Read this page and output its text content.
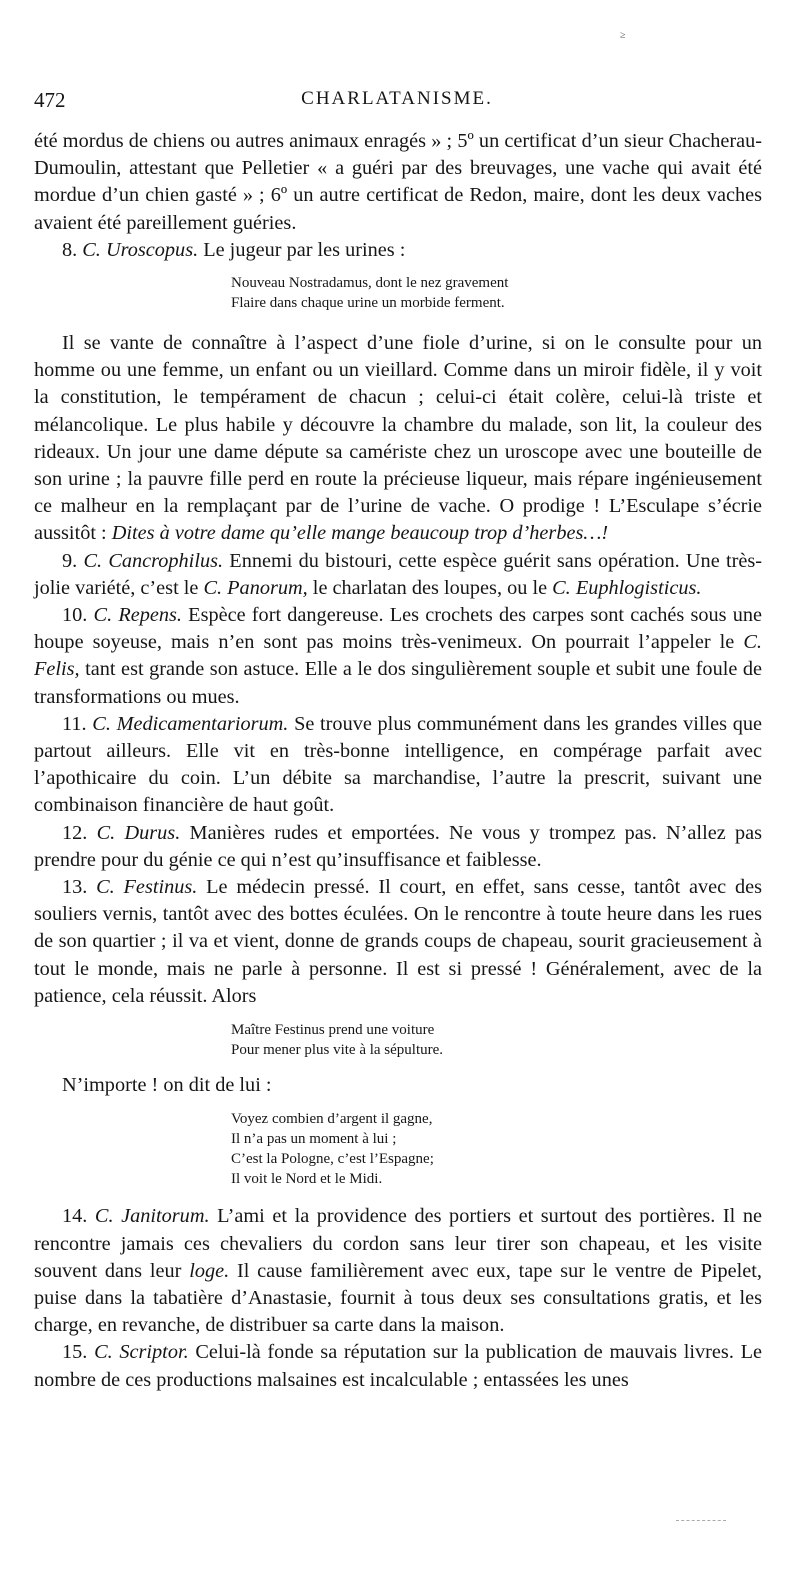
≥
472	CHARLATANISME.

été mordus de chiens ou autres animaux enragés » ; 5º un certificat d’un sieur Chacherau-Dumoulin, attestant que Pelletier « a guéri par des breuvages, une vache qui avait été mordue d’un chien gasté » ; 6º un autre certificat de Redon, maire, dont les deux vaches avaient été pareillement guéries.

8. C. Uroscopus. Le jugeur par les urines :

Nouveau Nostradamus, dont le nez gravement
Flaire dans chaque urine un morbide ferment.

Il se vante de connaître à l’aspect d’une fiole d’urine, si on le consulte pour un homme ou une femme, un enfant ou un vieillard. Comme dans un miroir fidèle, il y voit la constitution, le tempérament de chacun ; celui-ci était colère, celui-là triste et mélancolique. Le plus habile y découvre la chambre du malade, son lit, la couleur des rideaux. Un jour une dame députe sa camériste chez un uroscope avec une bouteille de son urine ; la pauvre fille perd en route la précieuse liqueur, mais répare ingénieusement ce malheur en la remplaçant par de l’urine de vache. O prodige ! L’Esculape s’écrie aussitôt : Dites à votre dame qu’elle mange beaucoup trop d’herbes…!

9. C. Cancrophilus. Ennemi du bistouri, cette espèce guérit sans opération. Une très-jolie variété, c’est le C. Panorum, le charlatan des loupes, ou le C. Euphlogisticus.

10. C. Repens. Espèce fort dangereuse. Les crochets des carpes sont cachés sous une houpe soyeuse, mais n’en sont pas moins très-venimeux. On pourrait l’appeler le C. Felis, tant est grande son astuce. Elle a le dos singulièrement souple et subit une foule de transformations ou mues.

11. C. Medicamentariorum. Se trouve plus communément dans les grandes villes que partout ailleurs. Elle vit en très-bonne intelligence, en compérage parfait avec l’apothicaire du coin. L’un débite sa marchandise, l’autre la prescrit, suivant une combinaison financière de haut goût.

12. C. Durus. Manières rudes et emportées. Ne vous y trompez pas. N’allez pas prendre pour du génie ce qui n’est qu’insuffisance et faiblesse.

13. C. Festinus. Le médecin pressé. Il court, en effet, sans cesse, tantôt avec des souliers vernis, tantôt avec des bottes éculées. On le rencontre à toute heure dans les rues de son quartier ; il va et vient, donne de grands coups de chapeau, sourit gracieusement à tout le monde, mais ne parle à personne. Il est si pressé ! Généralement, avec de la patience, cela réussit. Alors

Maître Festinus prend une voiture
Pour mener plus vite à la sépulture.

N’importe ! on dit de lui :

Voyez combien d’argent il gagne,
Il n’a pas un moment à lui ;
C’est la Pologne, c’est l’Espagne;
Il voit le Nord et le Midi.

14. C. Janitorum. L’ami et la providence des portiers et surtout des portières. Il ne rencontre jamais ces chevaliers du cordon sans leur tirer son chapeau, et les visite souvent dans leur loge. Il cause familièrement avec eux, tape sur le ventre de Pipelet, puise dans la tabatière d’Anastasie, fournit à tous deux ses consultations gratis, et les charge, en revanche, de distribuer sa carte dans la maison.

15. C. Scriptor. Celui-là fonde sa réputation sur la publication de mauvais livres. Le nombre de ces productions malsaines est incalculable ; entassées les unes
